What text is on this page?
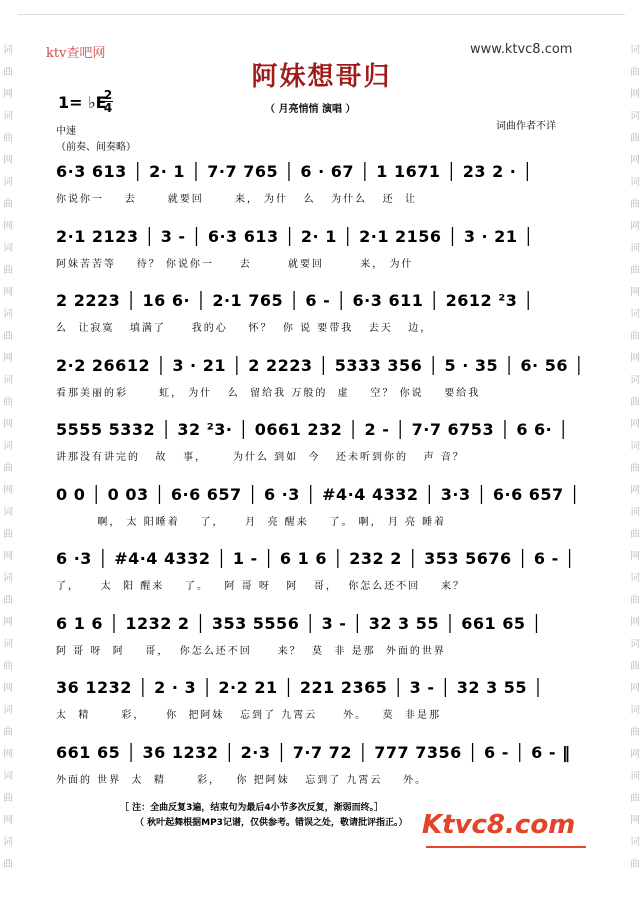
词
曲
网
词
曲
网
词
曲
网
词
曲
网
词
曲
网
词
曲
网
词
曲
网
词
曲
网
词
曲
网
词
曲
网
词
曲
网
词
曲
网
词
曲
词
曲
网
词
曲
网
词
曲
网
词
曲
网
词
曲
网
词
曲
网
词
曲
网
词
曲
网
词
曲
网
词
曲
网
词
曲
网
词
曲
网
词
曲
ktv查吧网	www.ktvc8.com
阿妹想哥归
1= ♭E
2
4	（ 月亮悄悄 演唱 ）
词曲作者不详
中速
（前奏、间奏略）
6·3 613 │ 2· 1 │ 7·7 765 │ 6 · 67 │ 1 1671 │ 23 2 · │
你说你一    去      就要回      来， 为什   么   为什么   还  让
2·1 2123 │ 3 - │ 6·3 613 │ 2· 1 │ 2·1 2156 │ 3 · 21 │
阿妹苦苦等    待？ 你说你一     去       就要回       来， 为什
2 2223 │ 16 6· │ 2·1 765 │ 6 - │ 6·3 611 │ 2612 ²3 │
么  让寂寞   填满了     我的心    怀？  你 说 要带我   去天   边，
2·2 26612 │ 3 · 21 │ 2 2223 │ 5333 356 │ 5 · 35 │ 6· 56 │
看那美丽的彩      虹， 为什   么  留给我 万般的  虚    空？ 你说    要给我
5555 5332 │ 32 ²3· │ 0661 232 │ 2 - │ 7·7 6753 │ 6 6· │
讲那没有讲完的   故   事，     为什么 到如  今   还未听到你的   声 音？
0 0 │ 0 03 │ 6·6 657 │ 6 ·3 │ #4·4 4332 │ 3·3 │ 6·6 657 │
啊， 太 阳睡着    了，    月  亮 醒来    了。 啊， 月 亮 睡着
6 ·3 │ #4·4 4332 │ 1 - │ 6 1 6 │ 232 2 │ 353 5676 │ 6 - │
了，    太  阳 醒来    了。   阿 哥 呀   阿   哥，  你怎么还不回    来？
6 1 6 │ 1232 2 │ 353 5556 │ 3 - │ 32 3 55 │ 661 65 │
阿 哥 呀  阿    哥，  你怎么还不回     来？  莫  非 是那  外面的世界
36 1232 │ 2 · 3 │ 2·2 21 │ 221 2365 │ 3 - │ 32 3 55 │
太  精      彩，    你  把阿妹   忘到了 九霄云     外。   莫  非是那
661 65 │ 36 1232 │ 2·3 │ 7·7 72 │ 777 7356 │ 6 - │ 6 - ‖
外面的 世界  太  精      彩，   你 把阿妹   忘到了 九霄云    外。
［ 注：全曲反复3遍，结束句为最后4小节多次反复，渐弱而终。］
（ 秋叶起舞根据MP3记谱，仅供参考。错误之处，敬请批评指正。） Ktvc8.com
